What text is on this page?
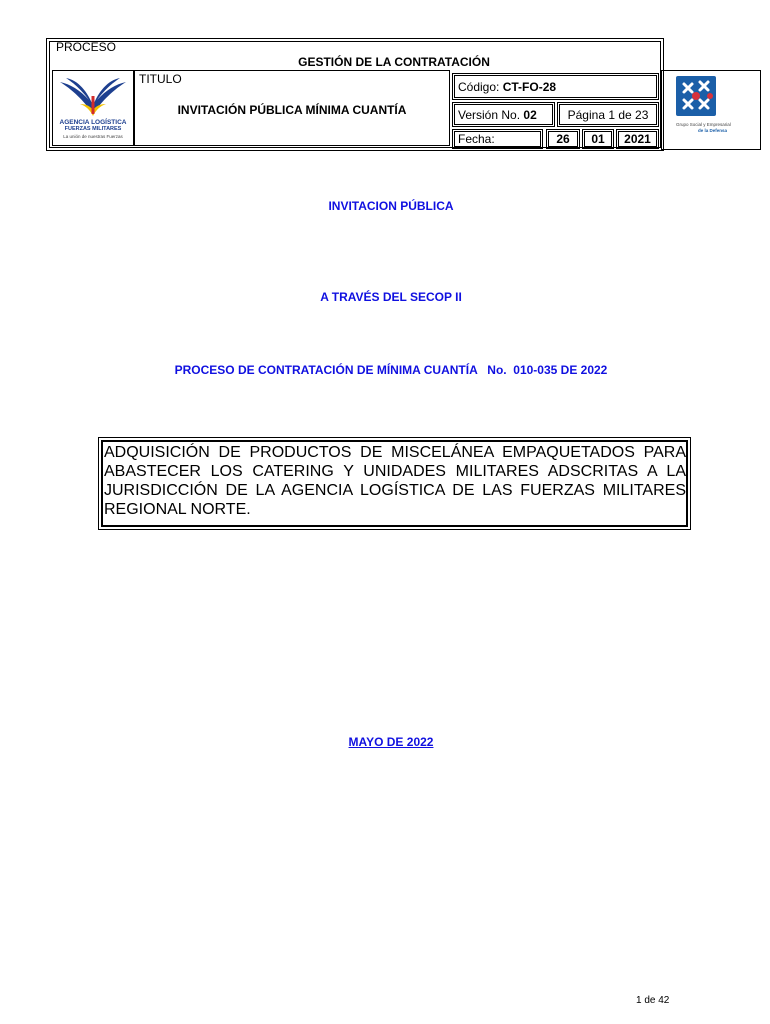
PROCESO
GESTIÓN DE LA CONTRATACIÓN
AGENCIA LOGÍSTICA
FUERZAS MILITARES
La unión de nuestras Fuerzas
TITULO
INVITACIÓN PÚBLICA MÍNIMA CUANTÍA
Código: CT-FO-28
Versión No. 02	Página 1 de 23
Fecha:	26	01	2021
Grupo Social y Empresarial
de la Defensa
INVITACION PÚBLICA
A TRAVÉS DEL SECOP II
PROCESO DE CONTRATACIÓN DE MÍNIMA CUANTÍA   No.  010-035 DE 2022
ADQUISICIÓN DE PRODUCTOS DE MISCELÁNEA EMPAQUETADOS PARA ABASTECER LOS CATERING Y UNIDADES MILITARES ADSCRITAS A LA JURISDICCIÓN DE LA AGENCIA LOGÍSTICA DE LAS FUERZAS MILITARES REGIONAL NORTE.
MAYO DE 2022
1 de 42
